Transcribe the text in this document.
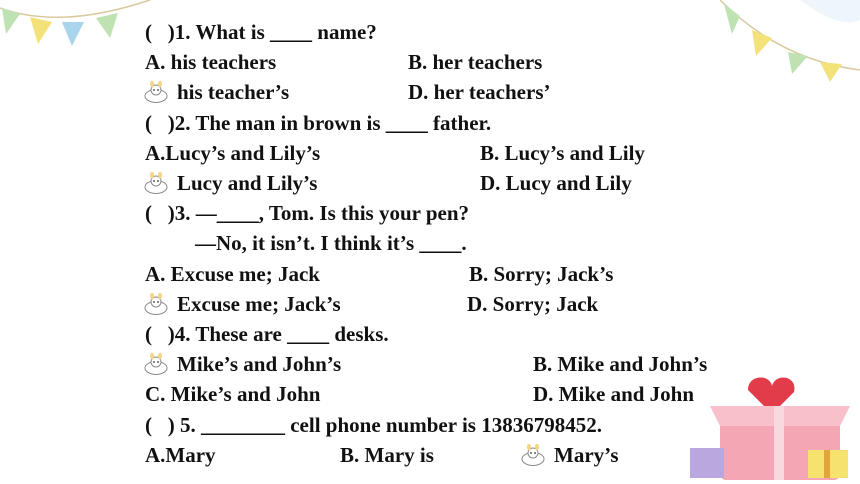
(   )1. What is ____ name?
A. his teachers	B. her teachers
his teacher’s	D. her teachers’
(   )2. The man in brown is ____ father.
A.Lucy’s and Lily’s	B. Lucy’s and Lily
Lucy and Lily’s	D. Lucy and Lily
(   )3. —____, Tom. Is this your pen?
—No, it isn’t. I think it’s ____.
A. Excuse me; Jack	B. Sorry; Jack’s
Excuse me; Jack’s	D. Sorry; Jack
(   )4. These are ____ desks.
Mike’s and John’s	B. Mike and John’s
C. Mike’s and John	D. Mike and John
(   ) 5. ________ cell phone number is 13836798452.
A.Mary	B. Mary is	Mary’s
